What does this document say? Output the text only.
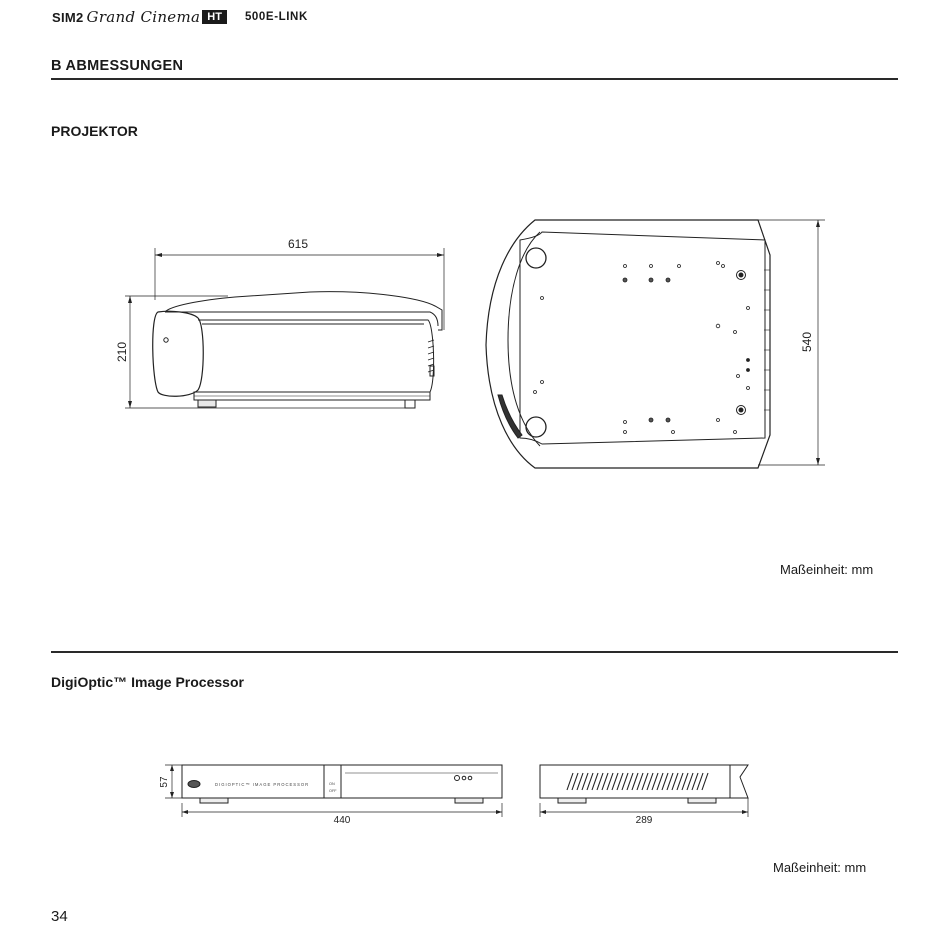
SIM2 Grand Cinema HT	500E-LINK
B ABMESSUNGEN
PROJEKTOR
615
210	540
Maßeinheit: mm
DigiOptic™ Image Processor
DIGIOPTIC™ IMAGE PROCESSOR	ON
OFF
57
440	289
Maßeinheit: mm
34
